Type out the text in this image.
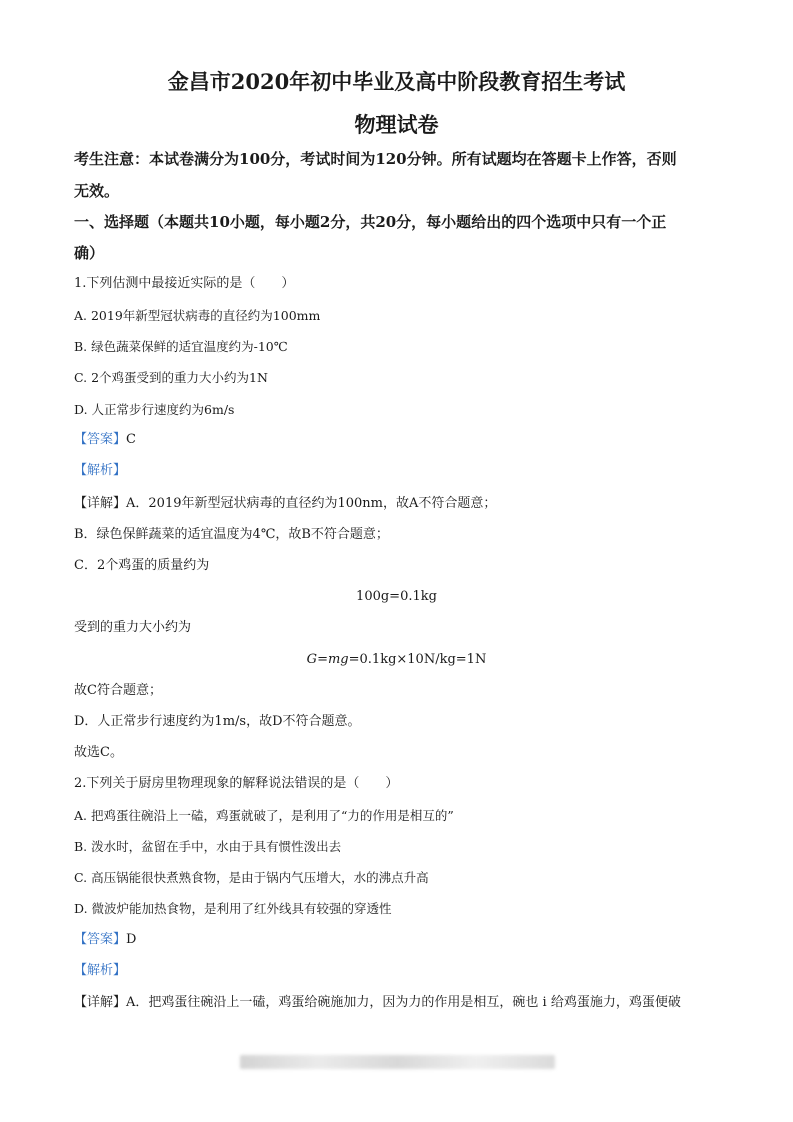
金昌市2020年初中毕业及高中阶段教育招生考试
物理试卷
考生注意：本试卷满分为100分，考试时间为120分钟。所有试题均在答题卡上作答，否则
无效。
一、选择题（本题共10小题，每小题2分，共20分，每小题给出的四个选项中只有一个正
确）
1.下列估测中最接近实际的是（　　）
A. 2019年新型冠状病毒的直径约为100mm
B. 绿色蔬菜保鲜的适宜温度约为-10℃
C. 2个鸡蛋受到的重力大小约为1N
D. 人正常步行速度约为6m/s
【答案】C
【解析】
【详解】A．2019年新型冠状病毒的直径约为100nm，故A不符合题意；
B．绿色保鲜蔬菜的适宜温度为4℃，故B不符合题意；
C．2个鸡蛋的质量约为
100g=0.1kg
受到的重力大小约为
G=mg=0.1kg×10N/kg=1N
故C符合题意；
D．人正常步行速度约为1m/s，故D不符合题意。
故选C。
2.下列关于厨房里物理现象的解释说法错误的是（　　）
A. 把鸡蛋往碗沿上一磕，鸡蛋就破了，是利用了“力的作用是相互的”
B. 泼水时，盆留在手中，水由于具有惯性泼出去
C. 高压锅能很快煮熟食物，是由于锅内气压增大，水的沸点升高
D. 微波炉能加热食物，是利用了红外线具有较强的穿透性
【答案】D
【解析】
【详解】A．把鸡蛋往碗沿上一磕，鸡蛋给碗施加力，因为力的作用是相互，碗也 i 给鸡蛋施力，鸡蛋便破
